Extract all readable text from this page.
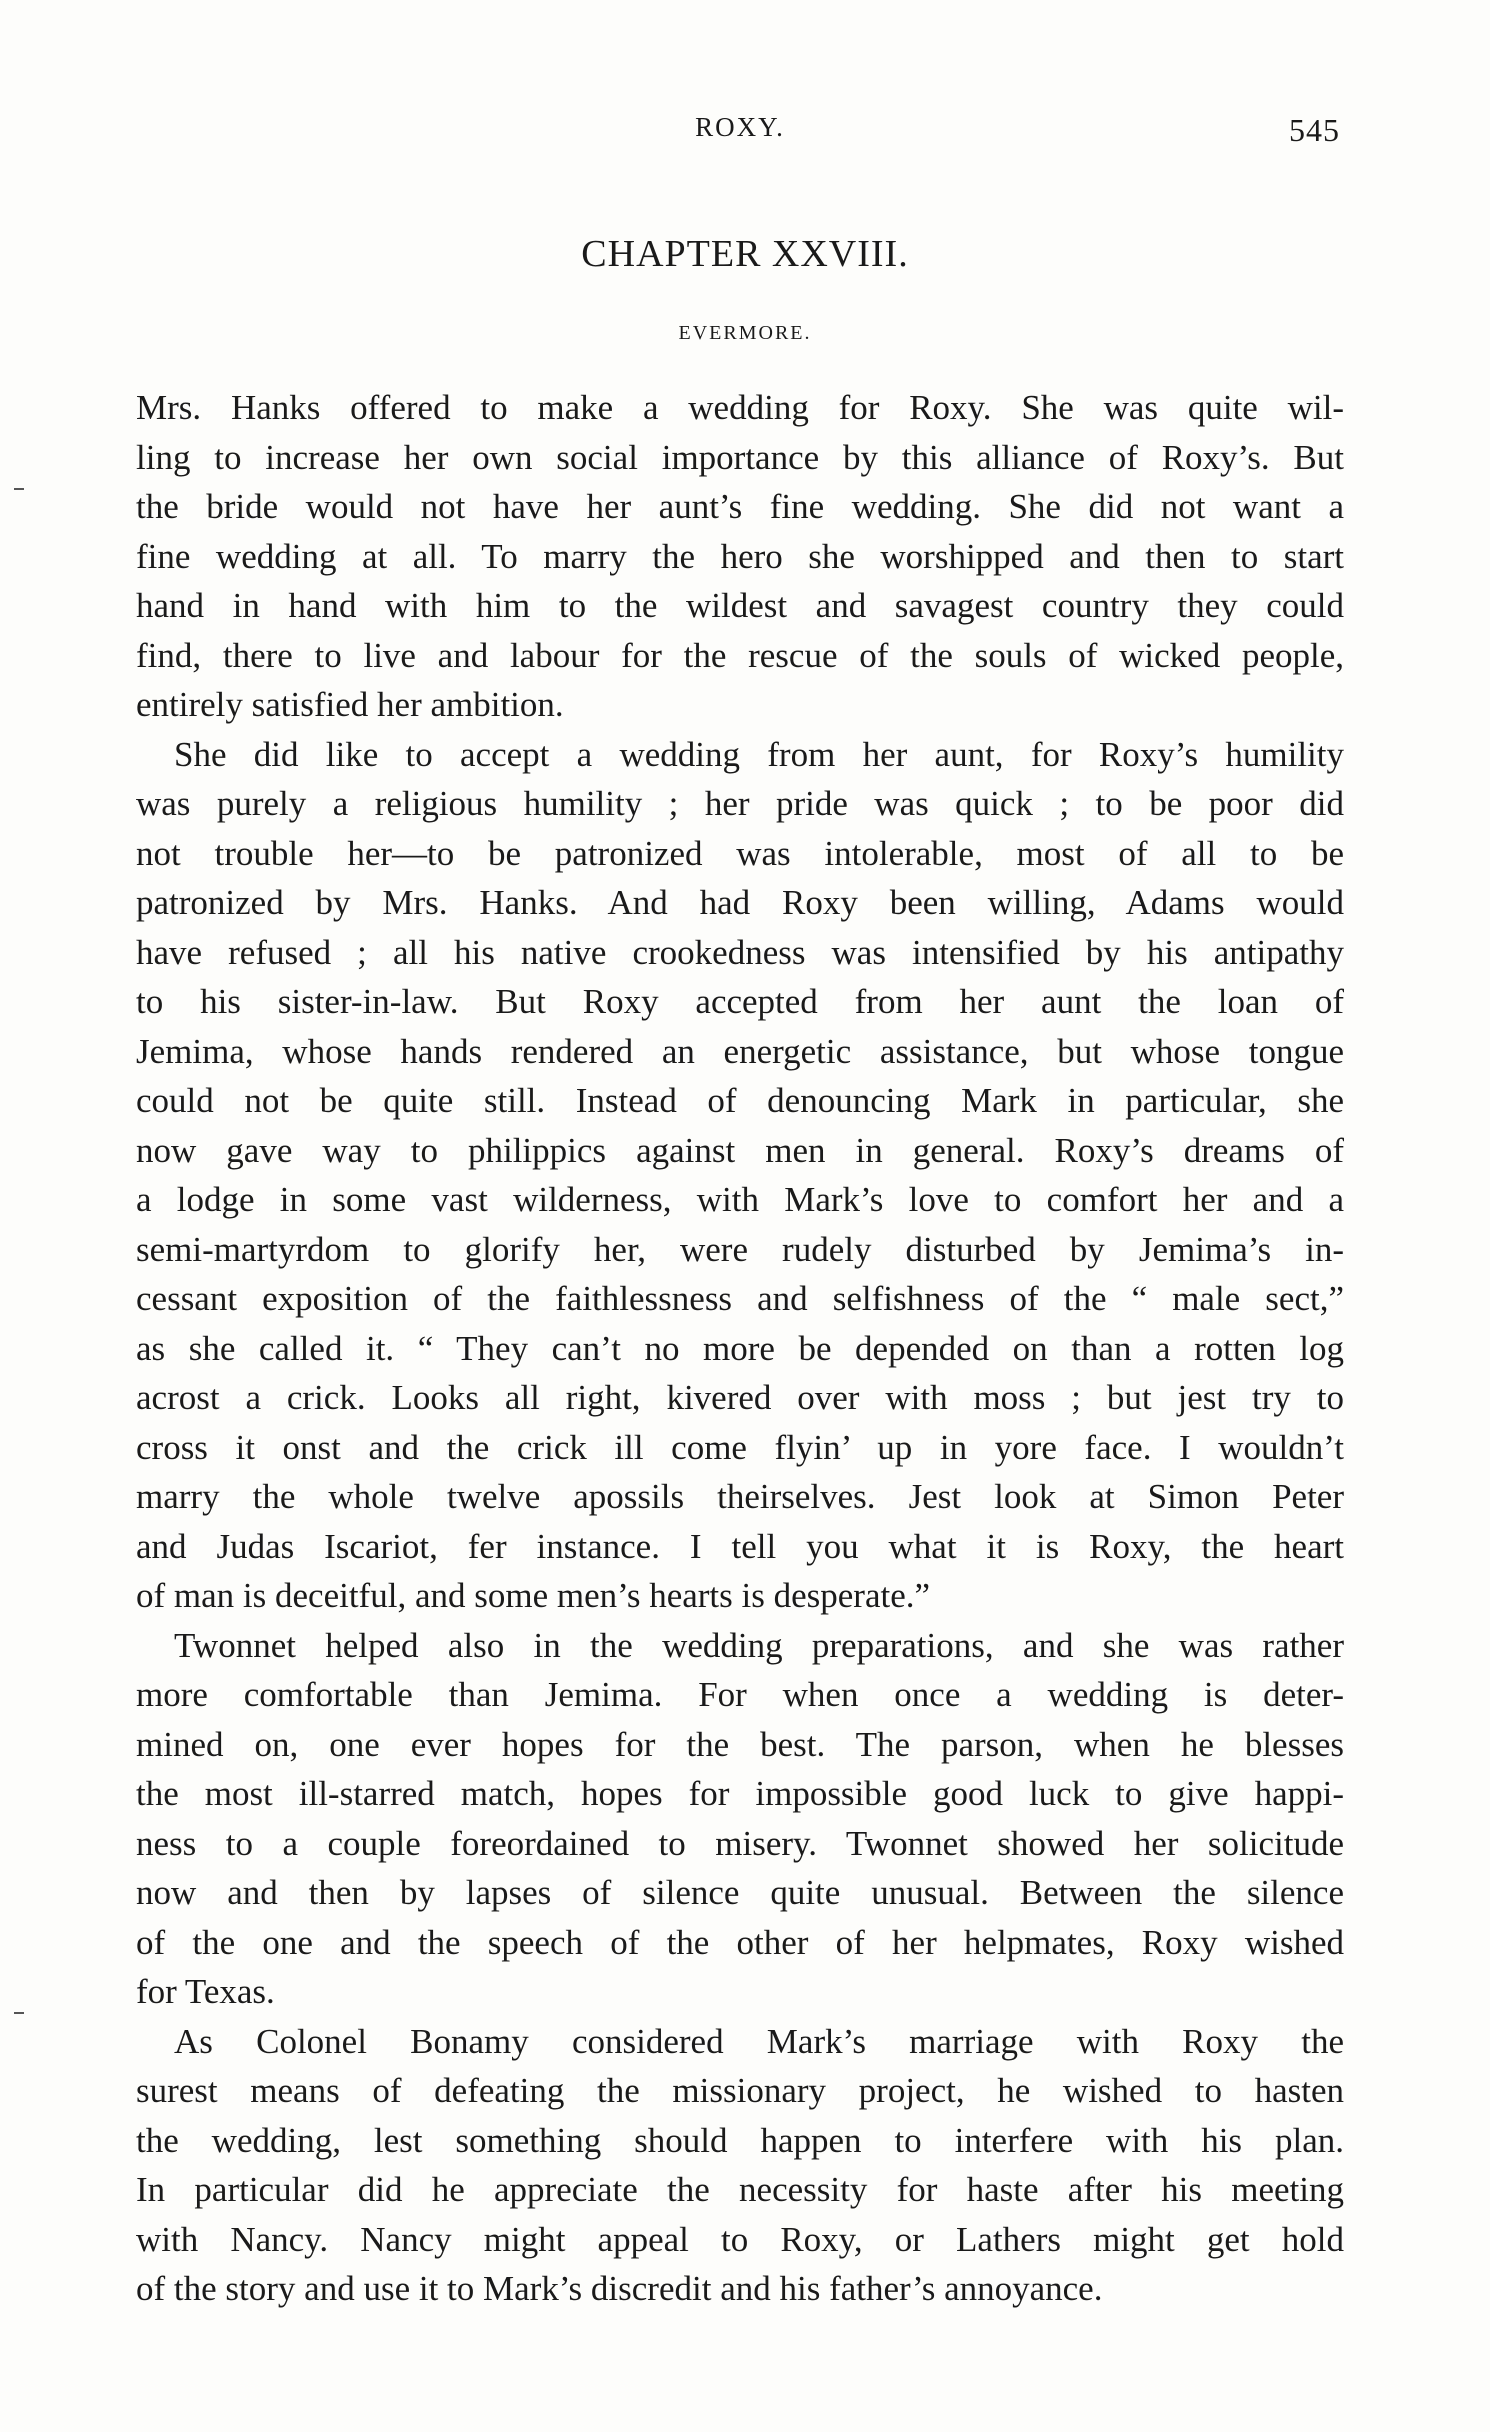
ROXY.	545
CHAPTER XXVIII.
EVERMORE.
Mrs. Hanks offered to make a wedding for Roxy. She was quite wil-
ling to increase her own social importance by this alliance of Roxy’s. But
the bride would not have her aunt’s fine wedding. She did not want a
fine wedding at all. To marry the hero she worshipped and then to start
hand in hand with him to the wildest and savagest country they could
find, there to live and labour for the rescue of the souls of wicked people,
entirely satisfied her ambition.
She did like to accept a wedding from her aunt, for Roxy’s humility
was purely a religious humility ; her pride was quick ; to be poor did
not trouble her—to be patronized was intolerable, most of all to be
patronized by Mrs. Hanks. And had Roxy been willing, Adams would
have refused ; all his native crookedness was intensified by his antipathy
to his sister-in-law. But Roxy accepted from her aunt the loan of
Jemima, whose hands rendered an energetic assistance, but whose tongue
could not be quite still. Instead of denouncing Mark in particular, she
now gave way to philippics against men in general. Roxy’s dreams of
a lodge in some vast wilderness, with Mark’s love to comfort her and a
semi-martyrdom to glorify her, were rudely disturbed by Jemima’s in-
cessant exposition of the faithlessness and selfishness of the “ male sect,”
as she called it. “ They can’t no more be depended on than a rotten log
acrost a crick. Looks all right, kivered over with moss ; but jest try to
cross it onst and the crick ill come flyin’ up in yore face. I wouldn’t
marry the whole twelve apossils theirselves. Jest look at Simon Peter
and Judas Iscariot, fer instance. I tell you what it is Roxy, the heart
of man is deceitful, and some men’s hearts is desperate.”
Twonnet helped also in the wedding preparations, and she was rather
more comfortable than Jemima. For when once a wedding is deter-
mined on, one ever hopes for the best. The parson, when he blesses
the most ill-starred match, hopes for impossible good luck to give happi-
ness to a couple foreordained to misery. Twonnet showed her solicitude
now and then by lapses of silence quite unusual. Between the silence
of the one and the speech of the other of her helpmates, Roxy wished
for Texas.
As Colonel Bonamy considered Mark’s marriage with Roxy the
surest means of defeating the missionary project, he wished to hasten
the wedding, lest something should happen to interfere with his plan.
In particular did he appreciate the necessity for haste after his meeting
with Nancy. Nancy might appeal to Roxy, or Lathers might get hold
of the story and use it to Mark’s discredit and his father’s annoyance.
